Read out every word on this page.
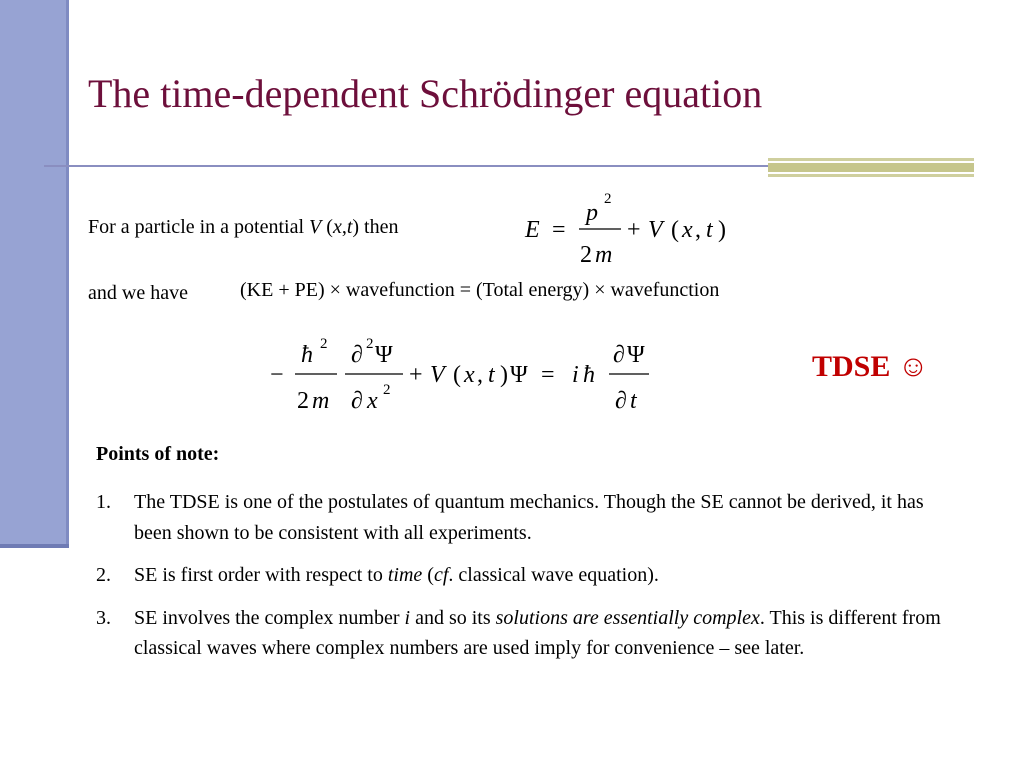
The time-dependent Schrödinger equation
For a particle in a potential V (x,t) then	E =
p
2
2 m
+ V ( x , t )
and we have	(KE + PE) × wavefunction = (Total energy) × wavefunction
−
ħ 2
2 m
∂ 2 Ψ
∂ x 2
+ V ( x , t ) Ψ = i ħ
∂ Ψ
∂ t
TDSE ☺
Points of note:
1.	The TDSE is one of the postulates of quantum mechanics. Though the SE cannot be derived, it has been shown to be consistent with all experiments.
2.	SE is first order with respect to time (cf. classical wave equation).
3.	SE involves the complex number i and so its solutions are essentially complex. This is different from classical waves where complex numbers are used imply for convenience – see later.
